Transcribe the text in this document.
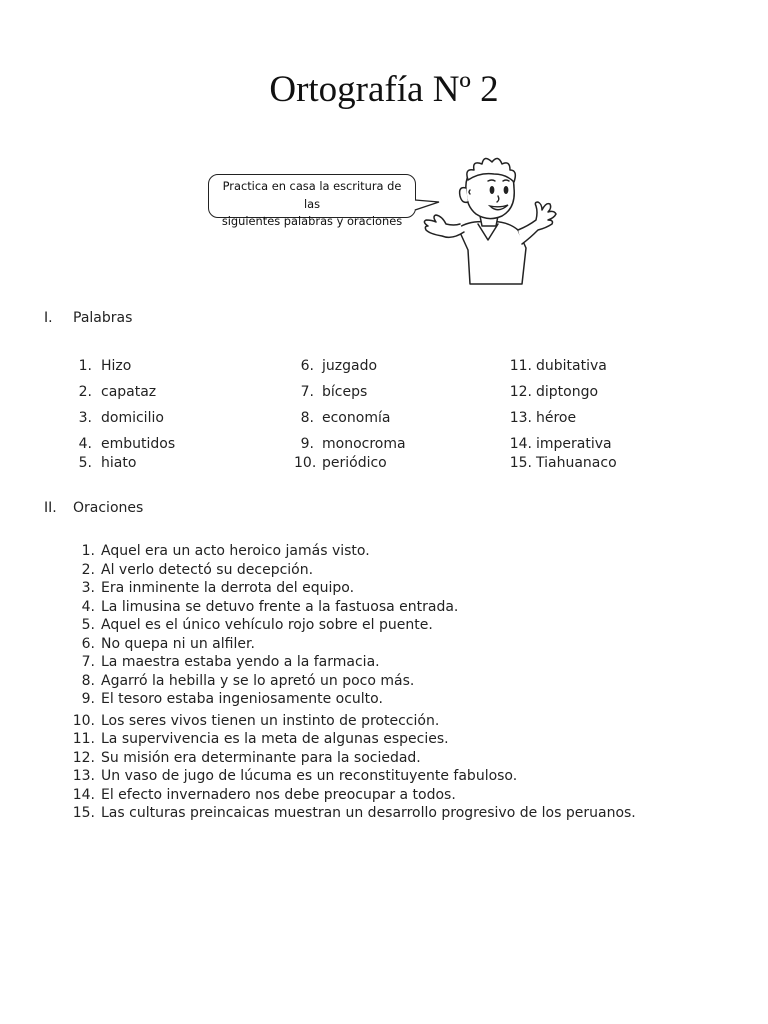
Ortografía Nº 2
Practica en casa la escritura de las
siguientes palabras y oraciones
I. Palabras
1. Hizo
2. capataz
3. domicilio
4. embutidos
5. hiato
6. juzgado
7. bíceps
8. economía
9. monocroma
10. periódico
11. dubitativa
12. diptongo
13. héroe
14. imperativa
15. Tiahuanaco
II. Oraciones
1. Aquel era un acto heroico jamás visto.
2. Al verlo detectó su decepción.
3. Era inminente la derrota del equipo.
4. La limusina se detuvo frente a la fastuosa entrada.
5. Aquel es el único vehículo rojo sobre el puente.
6. No quepa ni un alfiler.
7. La maestra estaba yendo a la farmacia.
8. Agarró la hebilla y se lo apretó un poco más.
9. El tesoro estaba ingeniosamente oculto.
10. Los seres vivos tienen un instinto de protección.
11. La supervivencia es la meta de algunas especies.
12. Su misión era determinante para la sociedad.
13. Un vaso de jugo de lúcuma es un reconstituyente fabuloso.
14. El efecto invernadero nos debe preocupar a todos.
15. Las culturas preincaicas muestran un desarrollo progresivo de los peruanos.
